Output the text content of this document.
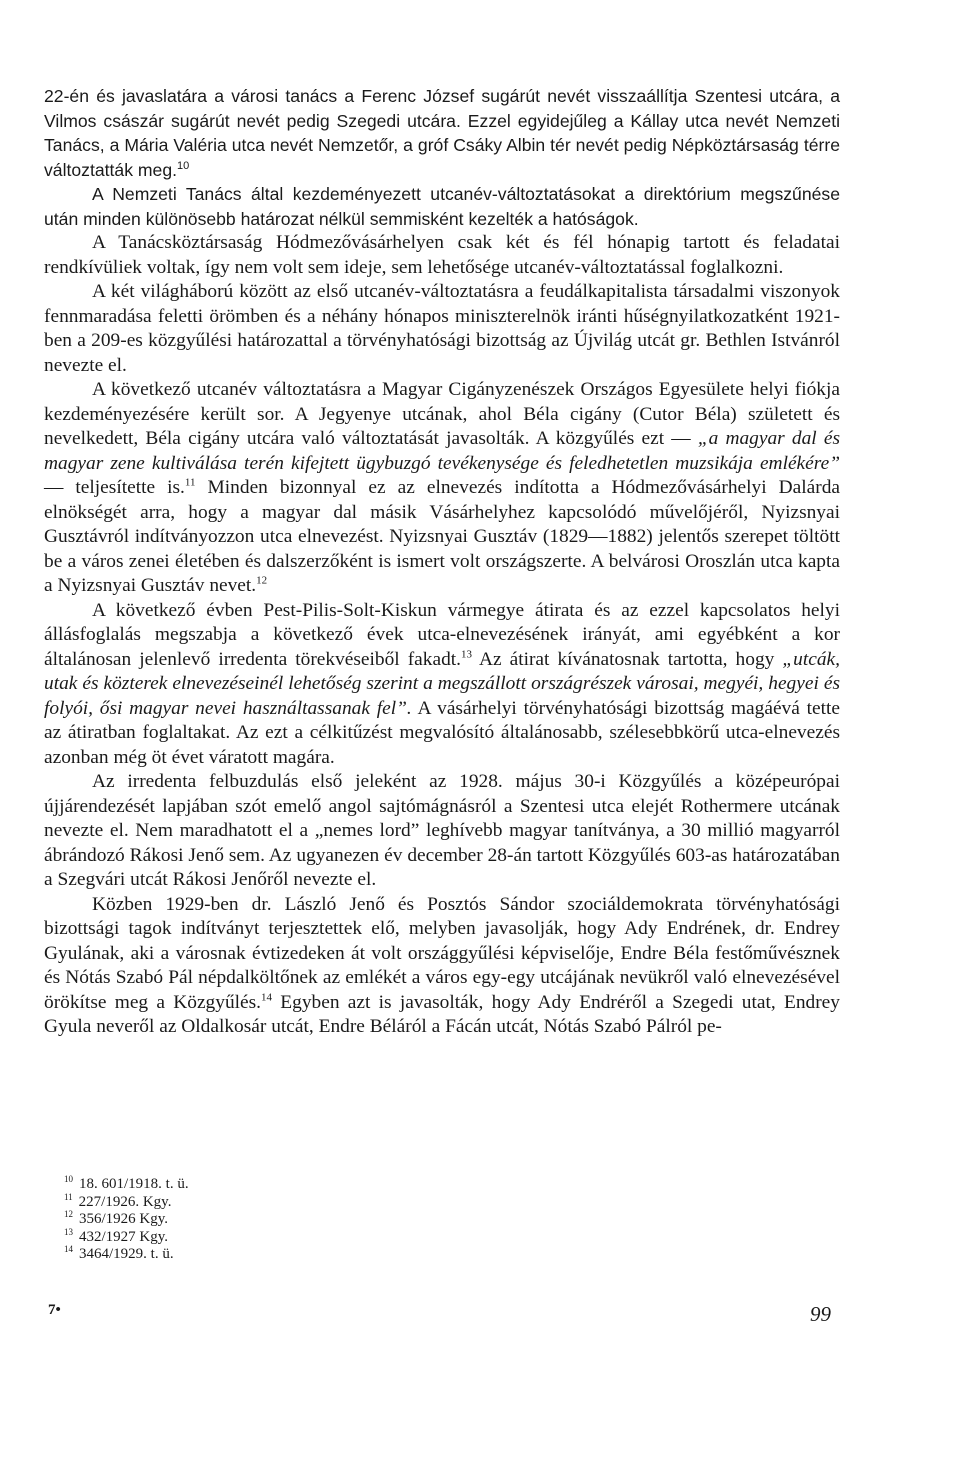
22-én és javaslatára a városi tanács a Ferenc József sugárút nevét visszaállítja Szentesi utcára, a Vilmos császár sugárút nevét pedig Szegedi utcára. Ezzel egyidejűleg a Kállay utca nevét Nemzeti Tanács, a Mária Valéria utca nevét Nemzetőr, a gróf Csáky Albin tér nevét pedig Népköztársaság térre változtatták meg.$^{10}$

A Nemzeti Tanács által kezdeményezett utcanév-változtatásokat a direktórium megszűnése után minden különösebb határozat nélkül semmisként kezelték a hatóságok.

A Tanácsköztársaság Hódmezővásárhelyen csak két és fél hónapig tartott és feladatai rendkívüliek voltak, így nem volt sem ideje, sem lehetősége utcanév-változtatással foglalkozni.

A két világháború között az első utcanév-változtatásra a feudálkapitalista társadalmi viszonyok fennmaradása feletti örömben és a néhány hónapos miniszterelnök iránti hűségnyilatkozatként 1921-ben a 209-es közgyűlési határozattal a törvényhatósági bizottság az Újvilág utcát gr. Bethlen Istvánról nevezte el.

A következő utcanév változtatásra a Magyar Cigányzenészek Országos Egyesülete helyi fiókja kezdeményezésére került sor. A Jegyenye utcának, ahol Béla cigány (Cutor Béla) született és nevelkedett, Béla cigány utcára való változtatását javasolták. A közgyűlés ezt — „a magyar dal és magyar zene kultiválása terén kifejtett ügybuzgó tevékenysége és feledhetetlen muzsikája emlékére” — teljesítette is.$^{11}$ Minden bizonnyal ez az elnevezés indította a Hódmezővásárhelyi Dalárda elnökségét arra, hogy a magyar dal másik Vásárhelyhez kapcsolódó művelőjéről, Nyizsnyai Gusztávról indítványozzon utca elnevezést. Nyizsnyai Gusztáv (1829—1882) jelentős szerepet töltött be a város zenei életében és dalszerzőként is ismert volt országszerte. A belvárosi Oroszlán utca kapta a Nyizsnyai Gusztáv nevet.$^{12}$

A következő évben Pest-Pilis-Solt-Kiskun vármegye átirata és az ezzel kapcsolatos helyi állásfoglalás megszabja a következő évek utca-elnevezésének irányát, ami egyébként a kor általánosan jelenlevő irredenta törekvéseiből fakadt.$^{13}$ Az átirat kívánatosnak tartotta, hogy „utcák, utak és közterek elnevezéseinél lehetőség szerint a megszállott országrészek városai, megyéi, hegyei és folyói, ősi magyar nevei használtassanak fel”. A vásárhelyi törvényhatósági bizottság magáévá tette az átiratban foglaltakat. Az ezt a célkitűzést megvalósító általánosabb, szélesebbkörű utca-elnevezés azonban még öt évet váratott magára.

Az irredenta felbuzdulás első jeleként az 1928. május 30-i Közgyűlés a középeurópai újjárendezését lapjában szót emelő angol sajtómágnásról a Szentesi utca elejét Rothermere utcának nevezte el. Nem maradhatott el a „nemes lord” leghívebb magyar tanítványa, a 30 millió magyarról ábrándozó Rákosi Jenő sem. Az ugyanezen év december 28-án tartott Közgyűlés 603-as határozatában a Szegvári utcát Rákosi Jenőről nevezte el.

Közben 1929-ben dr. László Jenő és Posztós Sándor szociáldemokrata törvényhatósági bizottsági tagok indítványt terjesztettek elő, melyben javasolják, hogy Ady Endrének, dr. Endrey Gyulának, aki a városnak évtizedeken át volt országgyűlési képviselője, Endre Béla festőművésznek és Nótás Szabó Pál népdalköltőnek az emlékét a város egy-egy utcájának nevükről való elnevezésével örökítse meg a Közgyűlés.$^{14}$ Egyben azt is javasolták, hogy Ady Endréről a Szegedi utat, Endrey Gyula neveről az Oldalkosár utcát, Endre Béláról a Fácán utcát, Nótás Szabó Pálról pe-

$^{10}$ 18. 601/1918. t. ü.
$^{11}$ 227/1926. Kgy.
$^{12}$ 356/1926 Kgy.
$^{13}$ 432/1927 Kgy.
$^{14}$ 3464/1929. t. ü.
7•	99
